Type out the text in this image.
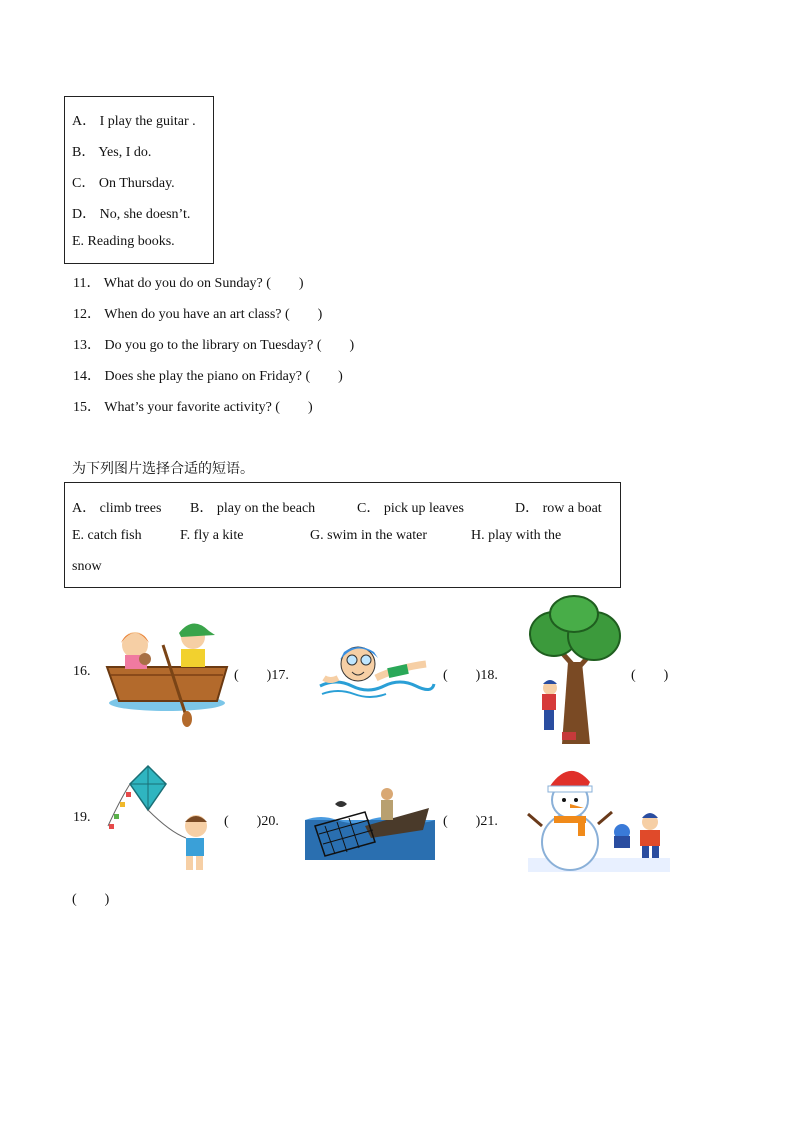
A． I play the guitar .
B． Yes, I do.
C． On Thursday.
D． No, she doesn’t.
E. Reading books.
11． What do you do on Sunday? (　　)
12． When do you have an art class? (　　)
13． Do you go to the library on Tuesday? (　　)
14． Does she play the piano on Friday? (　　)
15． What’s your favorite activity? (　　)
为下列图片选择合适的短语。
A． climb trees B． play on the beach	C． pick up leaves	D． row a boat
E. catch fish	F. fly a kite	G. swim in the water	H. play with the
snow
16.	(　　)17.	(　　)18.	(　　)
19.	(　　)20.	(　　)21.
(　　)
